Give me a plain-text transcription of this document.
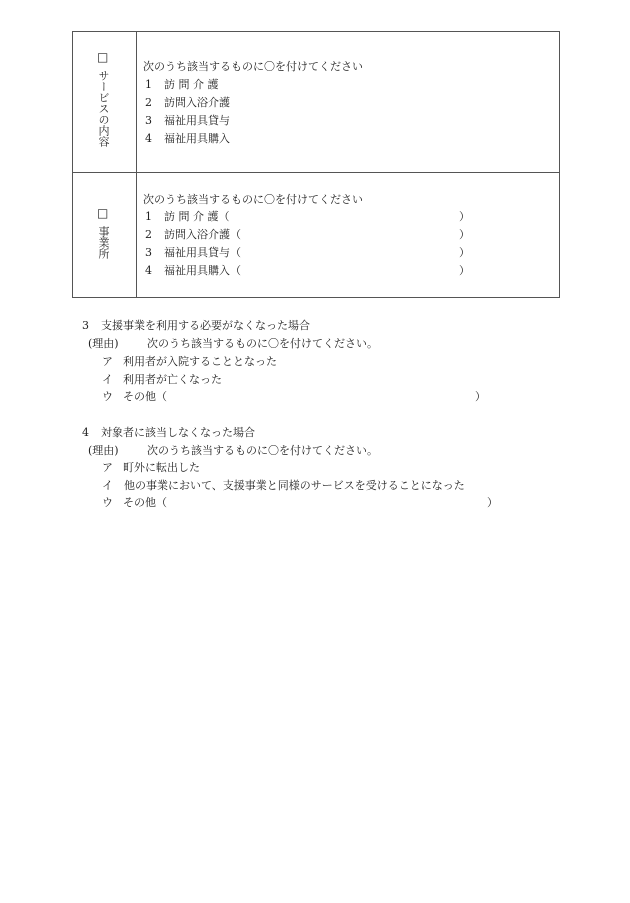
□
サービスの内容
次のうち該当するものに〇を付けてください
1 訪 問 介 護
2 訪問入浴介護
3 福祉用具貸与
4 福祉用具購入
□
事業所
次のうち該当するものに〇を付けてください
1 訪 問 介 護（	）
2 訪問入浴介護（	）
3 福祉用具貸与（	）
4 福祉用具購入（	）
3 支援事業を利用する必要がなくなった場合
(理由)	次のうち該当するものに〇を付けてください。
ア 利用者が入院することとなった
イ 利用者が亡くなった
ウ その他（	）
4 対象者に該当しなくなった場合
(理由)	次のうち該当するものに〇を付けてください。
ア 町外に転出した
イ 他の事業において、支援事業と同様のサービスを受けることになった
ウ その他（	）
